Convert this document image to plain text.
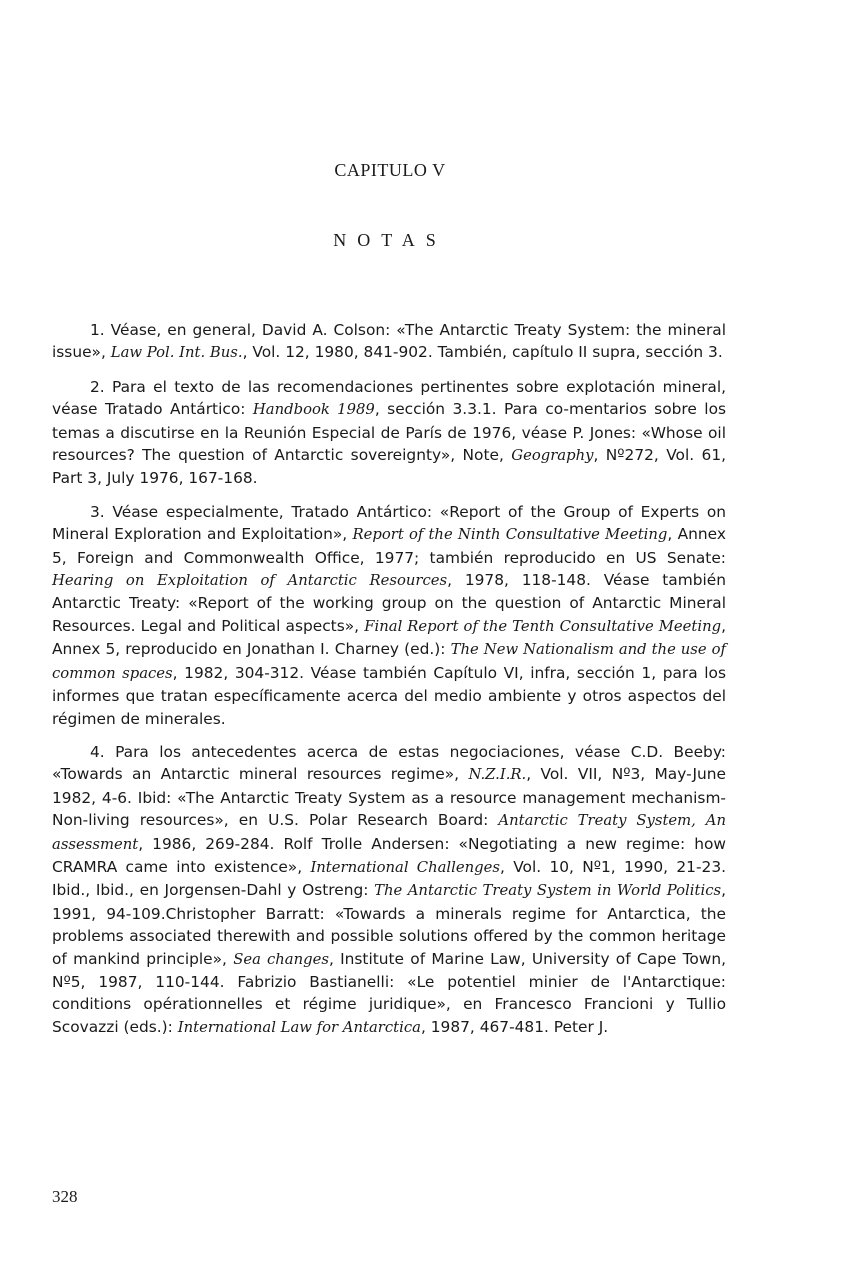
CAPITULO V
NOTAS

1. Véase, en general, David A. Colson: «The Antarctic Treaty System: the mineral issue», Law Pol. Int. Bus., Vol. 12, 1980, 841-902. También, capítulo II supra, sección 3.

2. Para el texto de las recomendaciones pertinentes sobre explotación mineral, véase Tratado Antártico: Handbook 1989, sección 3.3.1. Para co-mentarios sobre los temas a discutirse en la Reunión Especial de París de 1976, véase P. Jones: «Whose oil resources? The question of Antarctic sovereignty», Note, Geography, Nº272, Vol. 61, Part 3, July 1976, 167-168.

3. Véase especialmente, Tratado Antártico: «Report of the Group of Experts on Mineral Exploration and Exploitation», Report of the Ninth Consultative Meeting, Annex 5, Foreign and Commonwealth Office, 1977; también reproducido en US Senate: Hearing on Exploitation of Antarctic Resources, 1978, 118-148. Véase también Antarctic Treaty: «Report of the working group on the question of Antarctic Mineral Resources. Legal and Political aspects», Final Report of the Tenth Consultative Meeting, Annex 5, reproducido en Jonathan I. Charney (ed.): The New Nationalism and the use of common spaces, 1982, 304-312. Véase también Capítulo VI, infra, sección 1, para los informes que tratan específicamente acerca del medio ambiente y otros aspectos del régimen de minerales.

4. Para los antecedentes acerca de estas negociaciones, véase C.D. Beeby: «Towards an Antarctic mineral resources regime», N.Z.I.R., Vol. VII, Nº3, May-June 1982, 4-6. Ibid: «The Antarctic Treaty System as a resource management mechanism-Non-living resources», en U.S. Polar Research Board: Antarctic Treaty System, An assessment, 1986, 269-284. Rolf Trolle Andersen: «Negotiating a new regime: how CRAMRA came into existence», International Challenges, Vol. 10, Nº1, 1990, 21-23. Ibid., Ibid., en Jorgensen-Dahl y Ostreng: The Antarctic Treaty System in World Politics, 1991, 94-109.Christopher Barratt: «Towards a minerals regime for Antarctica, the problems associated therewith and possible solutions offered by the common heritage of mankind principle», Sea changes, Institute of Marine Law, University of Cape Town, Nº5, 1987, 110-144. Fabrizio Bastianelli: «Le potentiel minier de l'Antarctique: conditions opérationnelles et régime juridique», en Francesco Francioni y Tullio Scovazzi (eds.): International Law for Antarctica, 1987, 467-481. Peter J.

328
